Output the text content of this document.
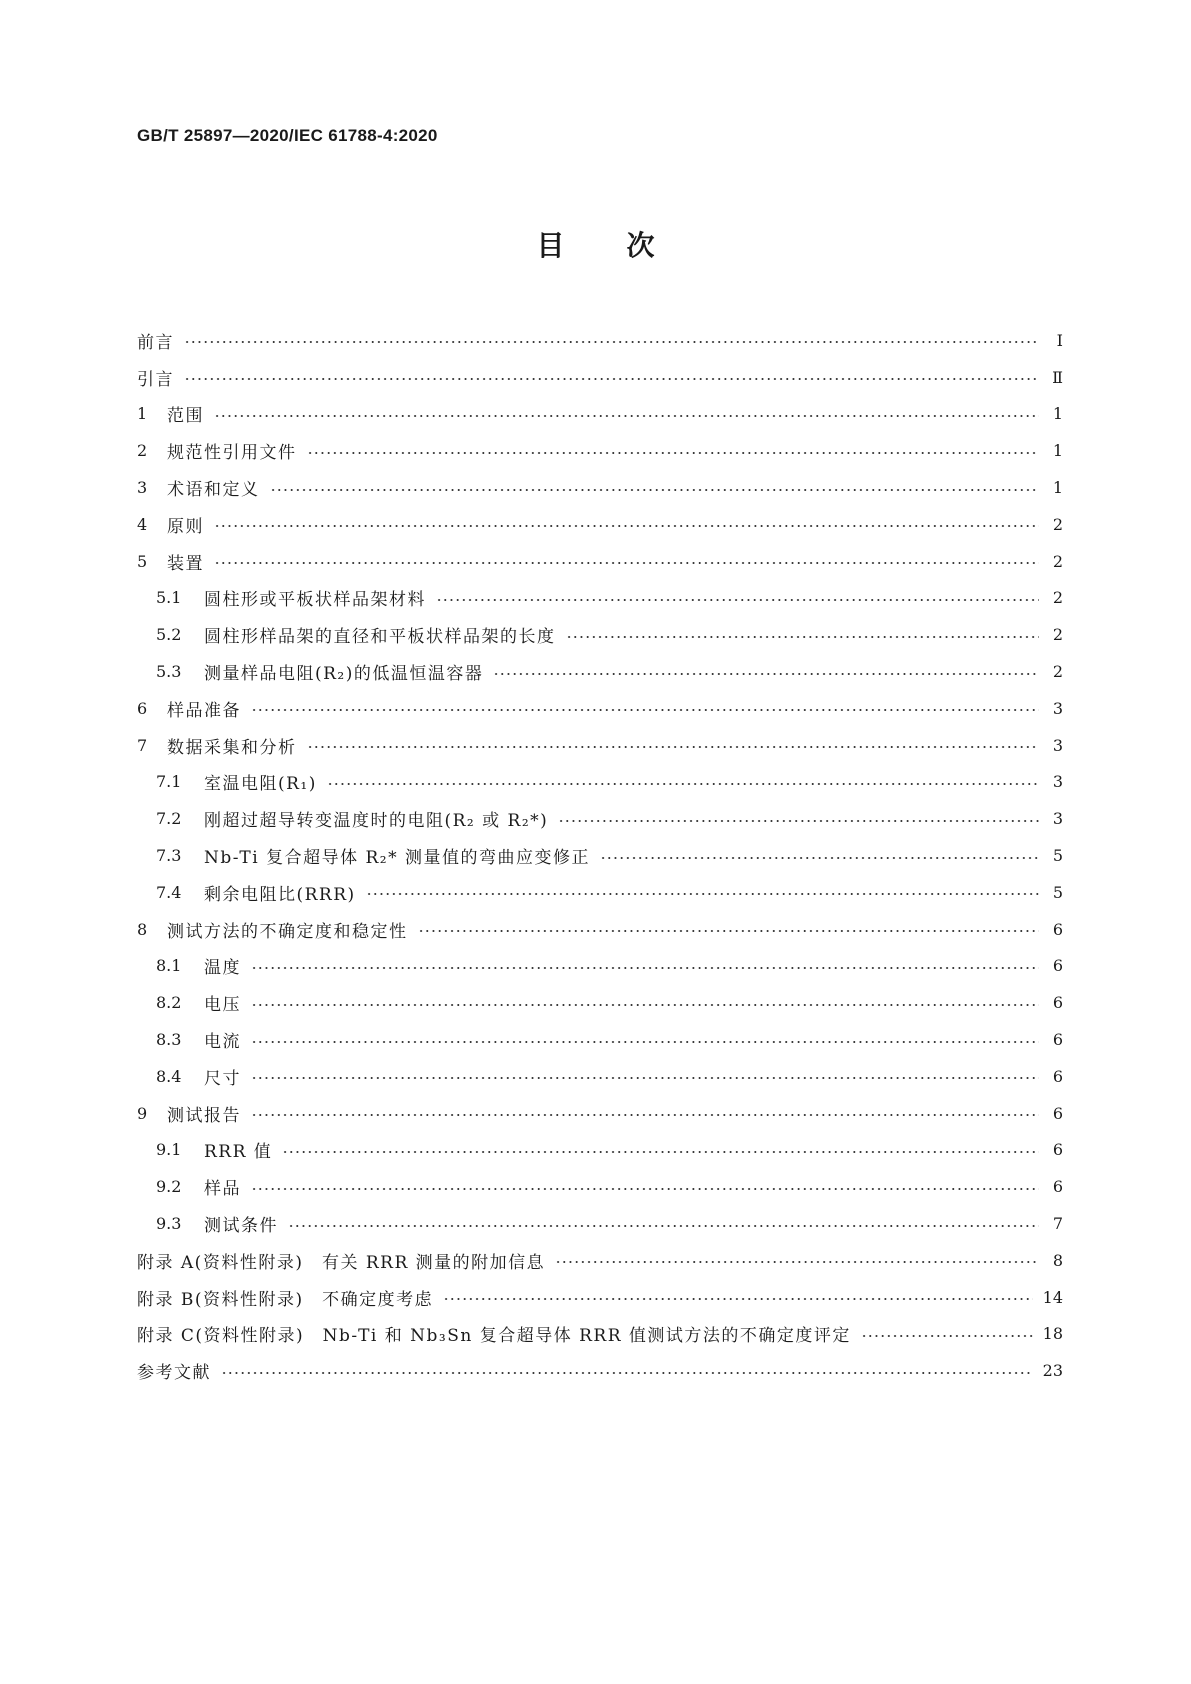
GB/T 25897—2020/IEC 61788-4:2020
目次
前言	Ⅰ
引言	Ⅱ
1	范围	1
2	规范性引用文件	1
3	术语和定义	1
4	原则	2
5	装置	2
5.1	圆柱形或平板状样品架材料	2
5.2	圆柱形样品架的直径和平板状样品架的长度	2
5.3	测量样品电阻(R₂)的低温恒温容器	2
6	样品准备	3
7	数据采集和分析	3
7.1	室温电阻(R₁)	3
7.2	刚超过超导转变温度时的电阻(R₂ 或 R₂*)	3
7.3	Nb-Ti 复合超导体 R₂* 测量值的弯曲应变修正	5
7.4	剩余电阻比(RRR)	5
8	测试方法的不确定度和稳定性	6
8.1	温度	6
8.2	电压	6
8.3	电流	6
8.4	尺寸	6
9	测试报告	6
9.1	RRR 值	6
9.2	样品	6
9.3	测试条件	7
附录 A(资料性附录)　有关 RRR 测量的附加信息	8
附录 B(资料性附录)　不确定度考虑	14
附录 C(资料性附录)　Nb-Ti 和 Nb₃Sn 复合超导体 RRR 值测试方法的不确定度评定	18
参考文献	23
